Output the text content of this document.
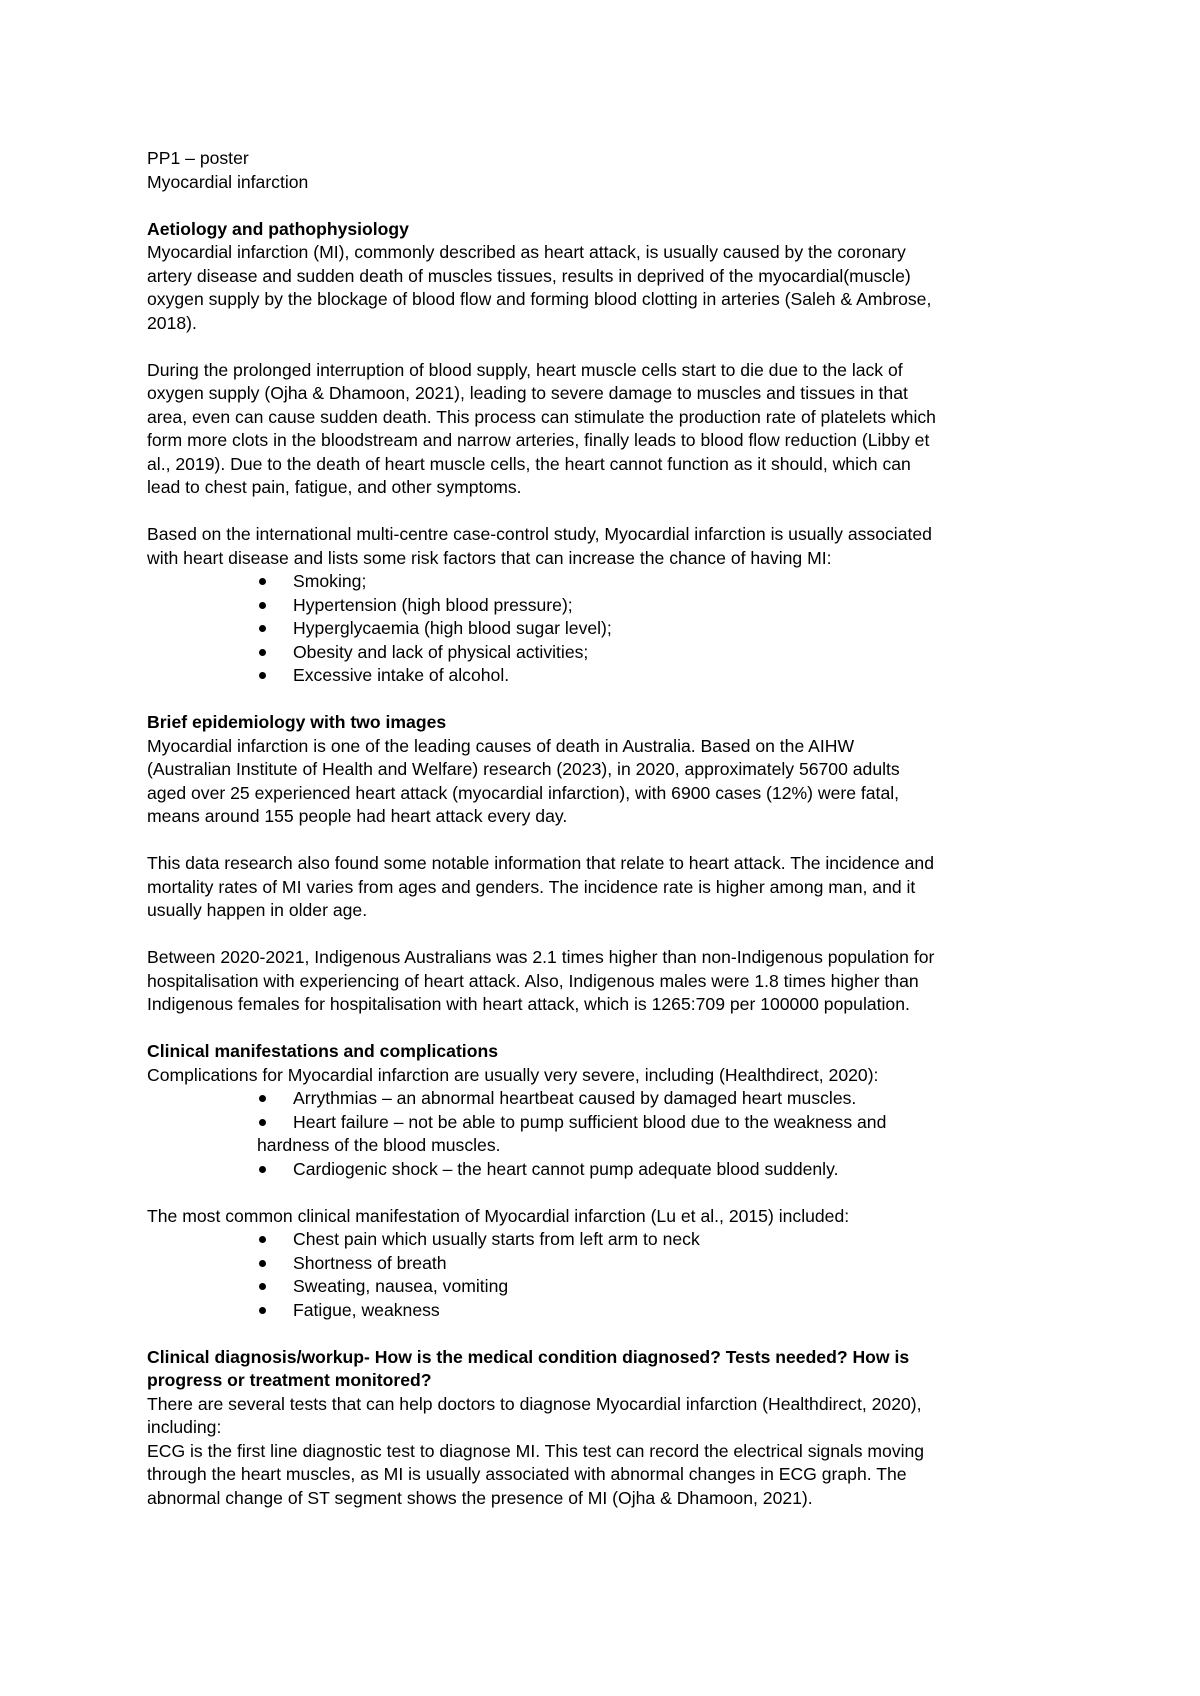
PP1 – poster

Myocardial infarction

Aetiology and pathophysiology

Myocardial infarction (MI), commonly described as heart attack, is usually caused by the coronary

artery disease and sudden death of muscles tissues, results in deprived of the myocardial(muscle)

oxygen supply by the blockage of blood flow and forming blood clotting in arteries (Saleh & Ambrose,

2018).

During the prolonged interruption of blood supply, heart muscle cells start to die due to the lack of

oxygen supply (Ojha & Dhamoon, 2021), leading to severe damage to muscles and tissues in that

area, even can cause sudden death. This process can stimulate the production rate of platelets which

form more clots in the bloodstream and narrow arteries, finally leads to blood flow reduction (Libby et

al., 2019). Due to the death of heart muscle cells, the heart cannot function as it should, which can

lead to chest pain, fatigue, and other symptoms.

Based on the international multi-centre case-control study, Myocardial infarction is usually associated

with heart disease and lists some risk factors that can increase the chance of having MI:

Smoking;
Hypertension (high blood pressure);
Hyperglycaemia (high blood sugar level);
Obesity and lack of physical activities;
Excessive intake of alcohol.

Brief epidemiology with two images

Myocardial infarction is one of the leading causes of death in Australia. Based on the AIHW

(Australian Institute of Health and Welfare) research (2023), in 2020, approximately 56700 adults

aged over 25 experienced heart attack (myocardial infarction), with 6900 cases (12%) were fatal,

means around 155 people had heart attack every day.

This data research also found some notable information that relate to heart attack. The incidence and

mortality rates of MI varies from ages and genders. The incidence rate is higher among man, and it

usually happen in older age.

Between 2020-2021, Indigenous Australians was 2.1 times higher than non-Indigenous population for

hospitalisation with experiencing of heart attack. Also, Indigenous males were 1.8 times higher than

Indigenous females for hospitalisation with heart attack, which is 1265:709 per 100000 population.

Clinical manifestations and complications

Complications for Myocardial infarction are usually very severe, including (Healthdirect, 2020):

Arrythmias – an abnormal heartbeat caused by damaged heart muscles.
Heart failure – not be able to pump sufficient blood due to the weakness and
hardness of the blood muscles.
Cardiogenic shock – the heart cannot pump adequate blood suddenly.

The most common clinical manifestation of Myocardial infarction (Lu et al., 2015) included:

Chest pain which usually starts from left arm to neck
Shortness of breath
Sweating, nausea, vomiting
Fatigue, weakness

Clinical diagnosis/workup- How is the medical condition diagnosed? Tests needed? How is

progress or treatment monitored?

There are several tests that can help doctors to diagnose Myocardial infarction (Healthdirect, 2020),

including:

ECG is the first line diagnostic test to diagnose MI. This test can record the electrical signals moving

through the heart muscles, as MI is usually associated with abnormal changes in ECG graph. The

abnormal change of ST segment shows the presence of MI (Ojha & Dhamoon, 2021).
